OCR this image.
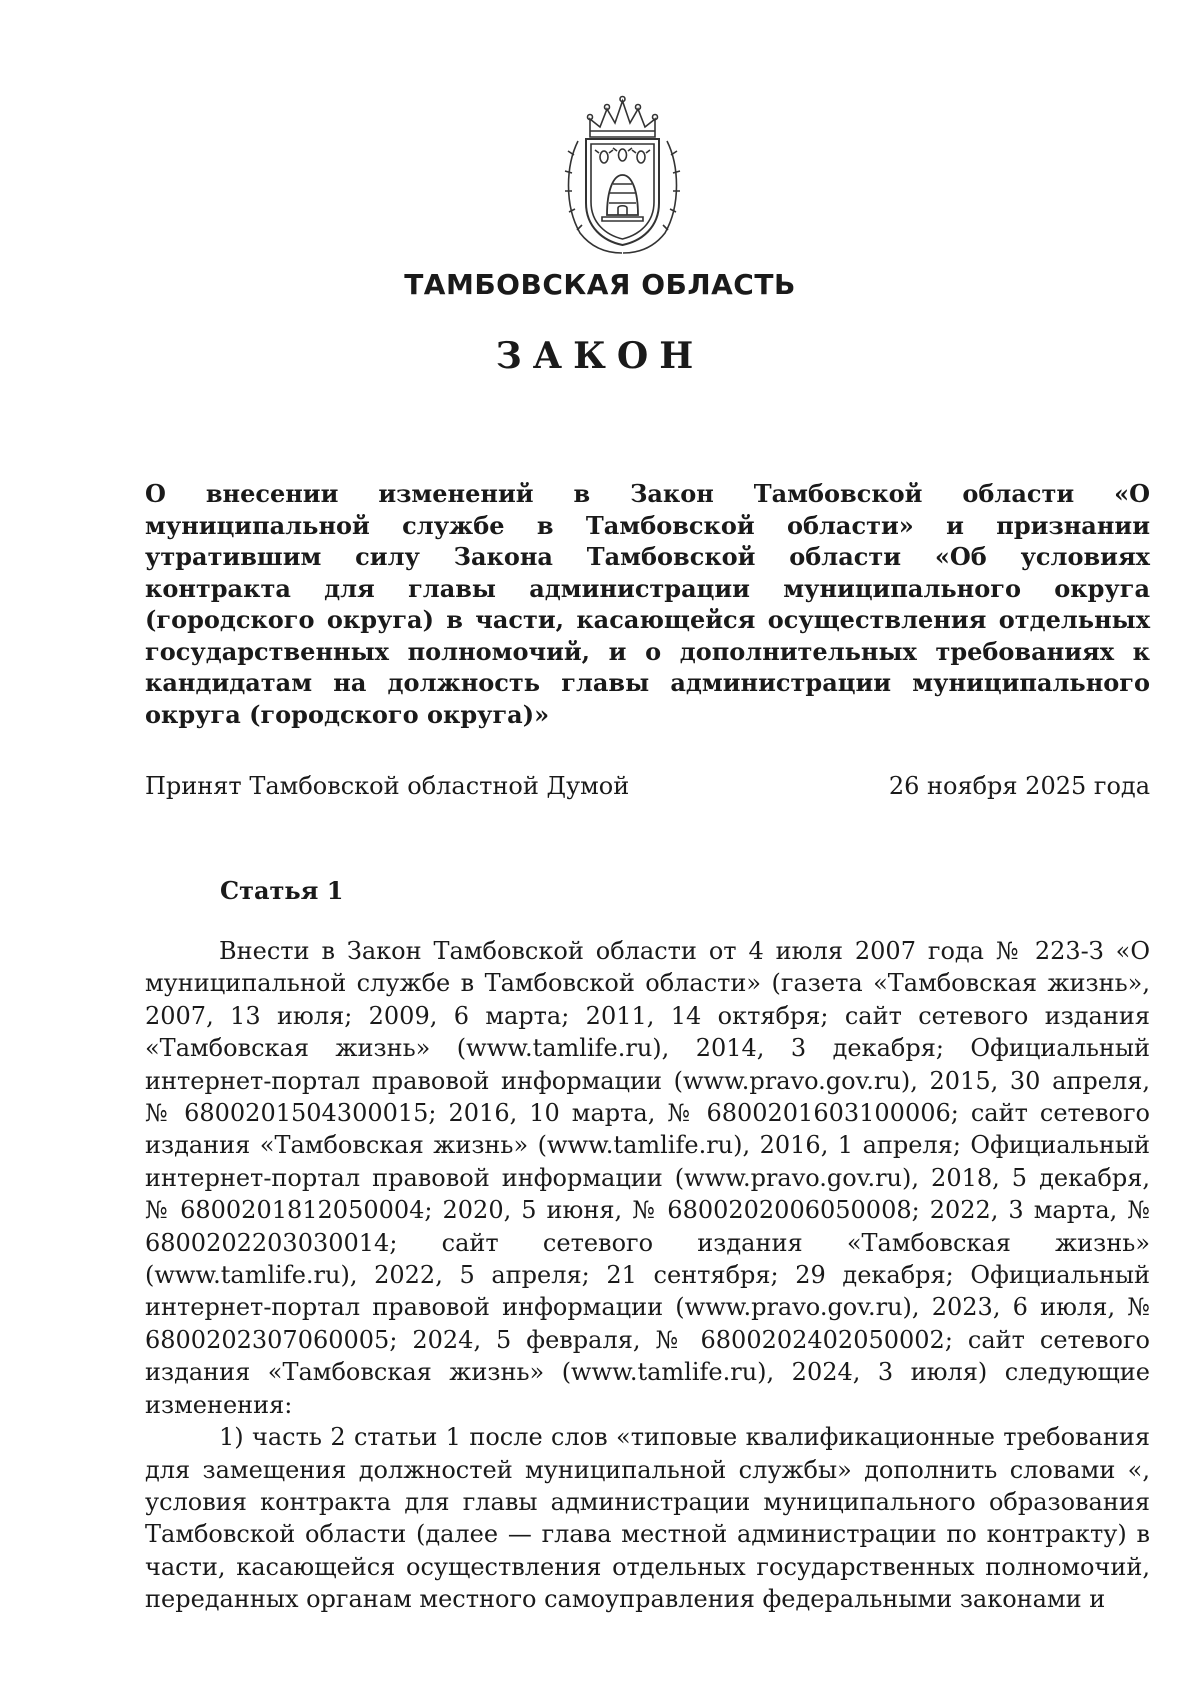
ТАМБОВСКАЯ ОБЛАСТЬ
ЗАКОН
О внесении изменений в Закон Тамбовской области «О муниципальной службе в Тамбовской области» и признании утратившим силу Закона Тамбовской области «Об условиях контракта для главы администрации муниципального округа (городского округа) в части, касающейся осуществления отдельных государственных полномочий, и о дополнительных требованиях к кандидатам на должность главы администрации муниципального округа (городского округа)»
Принят Тамбовской областной Думой	26 ноября 2025 года
Статья 1

Внести в Закон Тамбовской области от 4 июля 2007 года № 223-З «О муниципальной службе в Тамбовской области» (газета «Тамбовская жизнь», 2007, 13 июля; 2009, 6 марта; 2011, 14 октября; сайт сетевого издания «Тамбовская жизнь» (www.tamlife.ru), 2014, 3 декабря; Официальный интернет-портал правовой информации (www.pravo.gov.ru), 2015, 30 апреля, № 6800201504300015; 2016, 10 марта, № 6800201603100006; сайт сетевого издания «Тамбовская жизнь» (www.tamlife.ru), 2016, 1 апреля; Официальный интернет-портал правовой информации (www.pravo.gov.ru), 2018, 5 декабря, № 6800201812050004; 2020, 5 июня, № 6800202006050008; 2022, 3 марта, № 6800202203030014; сайт сетевого издания «Тамбовская жизнь» (www.tamlife.ru), 2022, 5 апреля; 21 сентября; 29 декабря; Официальный интернет-портал правовой информации (www.pravo.gov.ru), 2023, 6 июля, № 6800202307060005; 2024, 5 февраля, № 6800202402050002; сайт сетевого издания «Тамбовская жизнь» (www.tamlife.ru), 2024, 3 июля) следующие изменения:

1) часть 2 статьи 1 после слов «типовые квалификационные требования для замещения должностей муниципальной службы» дополнить словами «, условия контракта для главы администрации муниципального образования Тамбовской области (далее — глава местной администрации по контракту) в части, касающейся осуществления отдельных государственных полномочий, переданных органам местного самоуправления федеральными законами и
